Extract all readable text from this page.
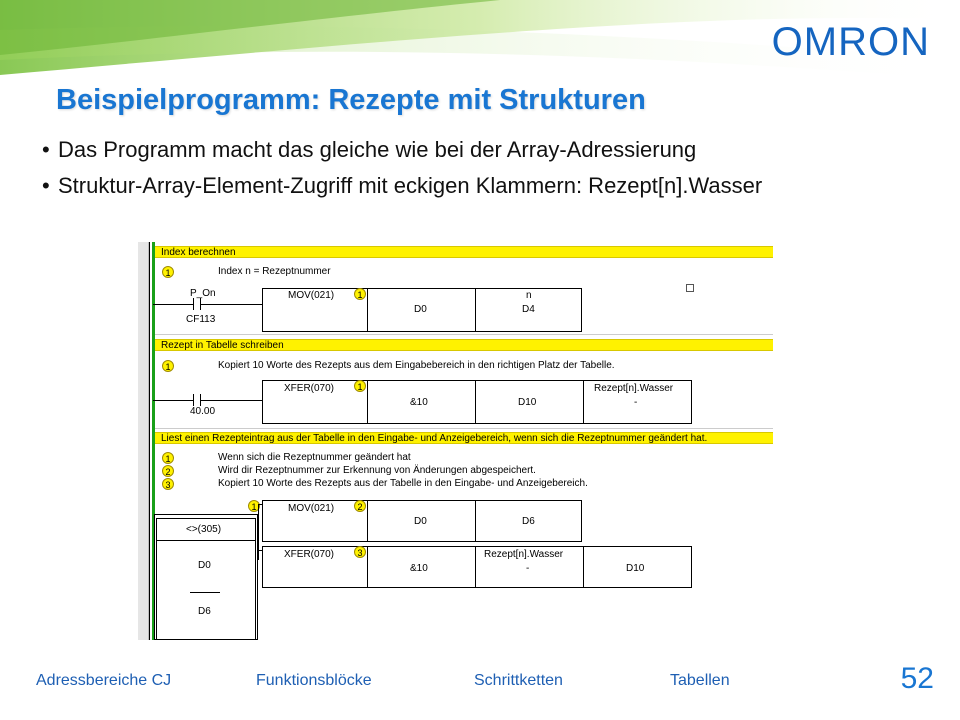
OMRON
Beispielprogramm: Rezepte mit Strukturen
• Das Programm macht das gleiche wie bei der Array-Adressierung
• Struktur-Array-Element-Zugriff mit eckigen Klammern: Rezept[n].Wasser
Index berechnen
1	Index n = Rezeptnummer
P_On
CF113
MOV(021)	1
D0
n
D4
Rezept in Tabelle schreiben
1	Kopiert 10 Worte des Rezepts aus dem Eingabebereich in den richtigen Platz der Tabelle.
40.00
XFER(070)	1
&10	D10
Rezept[n].Wasser
-
Liest einen Rezepteintrag aus der Tabelle in den Eingabe- und Anzeigebereich, wenn sich die Rezeptnummer geändert hat.
1	Wenn sich die Rezeptnummer geändert hat
2	Wird dir Rezeptnummer zur Erkennung von Änderungen abgespeichert.
3	Kopiert 10 Worte des Rezepts aus der Tabelle in den Eingabe- und Anzeigebereich.
<>(305)
1
D0
D6
MOV(021)	2
D0	D6
XFER(070)	3
&10
Rezept[n].Wasser
-	D10
Adressbereiche CJ	Funktionsblöcke	Schrittketten	Tabellen	52
